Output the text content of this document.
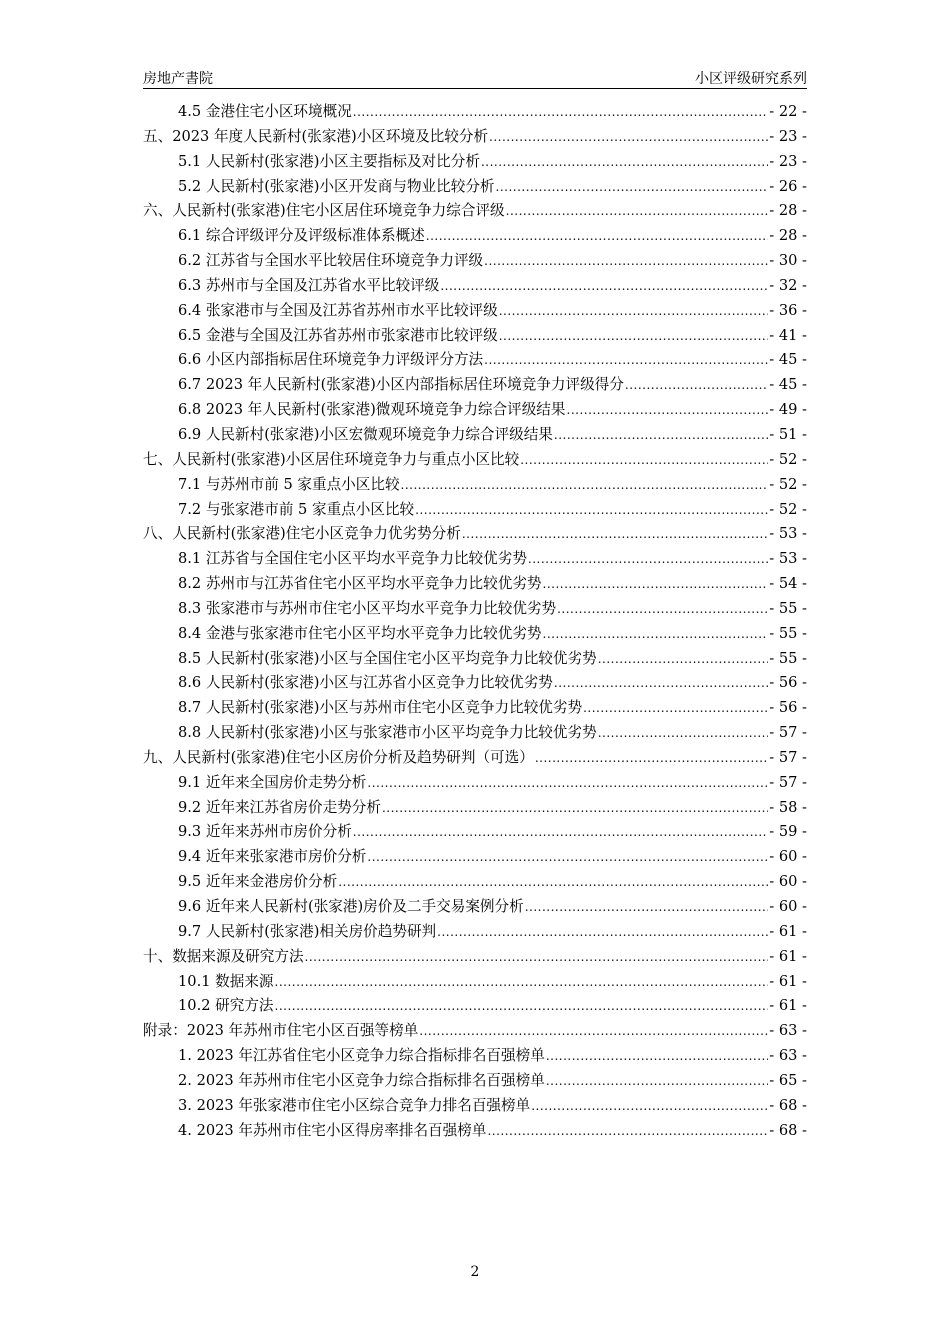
房地产書院	小区评级研究系列
4.5 金港住宅小区环境概况 .....	- 22 -
五、2023 年度人民新村(张家港)小区环境及比较分析 .....	- 23 -
5.1 人民新村(张家港)小区主要指标及对比分析 .....	- 23 -
5.2 人民新村(张家港)小区开发商与物业比较分析 .....	- 26 -
六、人民新村(张家港)住宅小区居住环境竞争力综合评级 .....	- 28 -
6.1 综合评级评分及评级标准体系概述 .....	- 28 -
6.2 江苏省与全国水平比较居住环境竞争力评级 .....	- 30 -
6.3 苏州市与全国及江苏省水平比较评级 .....	- 32 -
6.4 张家港市与全国及江苏省苏州市水平比较评级 .....	- 36 -
6.5 金港与全国及江苏省苏州市张家港市比较评级 .....	- 41 -
6.6 小区内部指标居住环境竞争力评级评分方法 .....	- 45 -
6.7 2023 年人民新村(张家港)小区内部指标居住环境竞争力评级得分 .....	- 45 -
6.8 2023 年人民新村(张家港)微观环境竞争力综合评级结果 .....	- 49 -
6.9 人民新村(张家港)小区宏微观环境竞争力综合评级结果 .....	- 51 -
七、人民新村(张家港)小区居住环境竞争力与重点小区比较 .....	- 52 -
7.1 与苏州市前 5 家重点小区比较 .....	- 52 -
7.2 与张家港市前 5 家重点小区比较 .....	- 52 -
八、人民新村(张家港)住宅小区竞争力优劣势分析 .....	- 53 -
8.1 江苏省与全国住宅小区平均水平竞争力比较优劣势 .....	- 53 -
8.2 苏州市与江苏省住宅小区平均水平竞争力比较优劣势 .....	- 54 -
8.3 张家港市与苏州市住宅小区平均水平竞争力比较优劣势 .....	- 55 -
8.4 金港与张家港市住宅小区平均水平竞争力比较优劣势 .....	- 55 -
8.5 人民新村(张家港)小区与全国住宅小区平均竞争力比较优劣势 .....	- 55 -
8.6 人民新村(张家港)小区与江苏省小区竞争力比较优劣势 .....	- 56 -
8.7 人民新村(张家港)小区与苏州市住宅小区竞争力比较优劣势 .....	- 56 -
8.8 人民新村(张家港)小区与张家港市小区平均竞争力比较优劣势 .....	- 57 -
九、人民新村(张家港)住宅小区房价分析及趋势研判（可选） .....	- 57 -
9.1 近年来全国房价走势分析 .....	- 57 -
9.2 近年来江苏省房价走势分析 .....	- 58 -
9.3 近年来苏州市房价分析 .....	- 59 -
9.4 近年来张家港市房价分析 .....	- 60 -
9.5 近年来金港房价分析 .....	- 60 -
9.6 近年来人民新村(张家港)房价及二手交易案例分析 .....	- 60 -
9.7 人民新村(张家港)相关房价趋势研判 .....	- 61 -
十、数据来源及研究方法 .....	- 61 -
10.1 数据来源 .....	- 61 -
10.2 研究方法 .....	- 61 -
附录：2023 年苏州市住宅小区百强等榜单 .....	- 63 -
1. 2023 年江苏省住宅小区竞争力综合指标排名百强榜单 .....	- 63 -
2. 2023 年苏州市住宅小区竞争力综合指标排名百强榜单 .....	- 65 -
3. 2023 年张家港市住宅小区综合竞争力排名百强榜单 .....	- 68 -
4. 2023 年苏州市住宅小区得房率排名百强榜单 .....	- 68 -
2
